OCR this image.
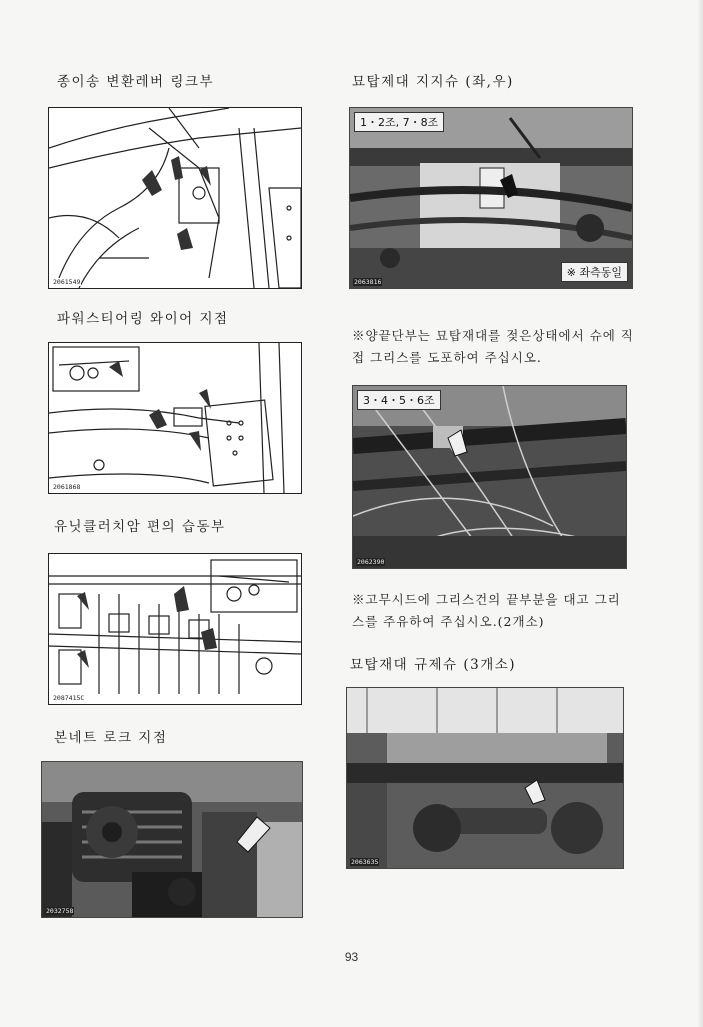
종이송 변환레버 링크부
2061549
파워스티어링 와이어 지점
2061868
유닛클러치암 편의 습동부
2087415C
본네트 로크 지점
2032758
묘탑제대 지지슈 (좌,우)
1・2조, 7・8조
※ 좌측동일
2063816
※양끝단부는 묘탑재대를 젖은상태에서 슈에 직접 그리스를 도포하여 주십시오.
3・4・5・6조
2062390
※고무시드에 그리스건의 끝부분을 대고 그리스를 주유하여 주십시오.(2개소)
묘탑재대 규제슈 (3개소)
2063635
93
